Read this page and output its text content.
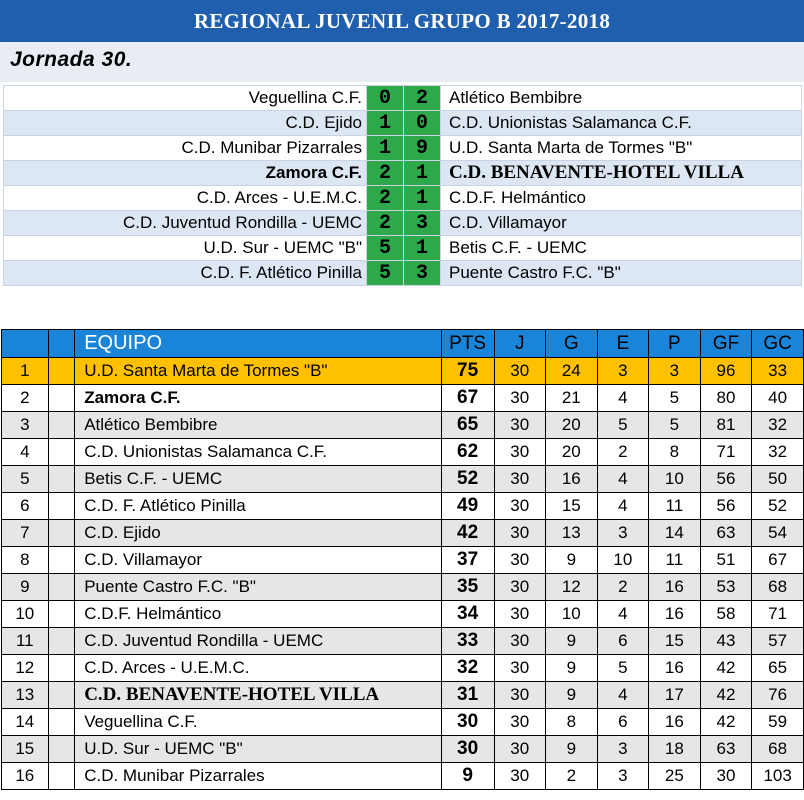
REGIONAL JUVENIL GRUPO B 2017-2018
Jornada 30.
Veguellina C.F.	0	2	Atlético Bembibre
C.D. Ejido	1	0	C.D. Unionistas Salamanca C.F.
C.D. Munibar Pizarrales	1	9	U.D. Santa Marta de Tormes "B"
Zamora C.F.	2	1	C.D. BENAVENTE-HOTEL VILLA
C.D. Arces - U.E.M.C.	2	1	C.D.F. Helmántico
C.D. Juventud Rondilla - UEMC	2	3	C.D. Villamayor
U.D. Sur - UEMC "B"	5	1	Betis C.F. - UEMC
C.D. F. Atlético Pinilla	5	3	Puente Castro F.C. "B"
		EQUIPO	PTS	J	G	E	P	GF	GC
1		U.D. Santa Marta de Tormes "B"	75	30	24	3	3	96	33
2		Zamora C.F.	67	30	21	4	5	80	40
3		Atlético Bembibre	65	30	20	5	5	81	32
4		C.D. Unionistas Salamanca C.F.	62	30	20	2	8	71	32
5		Betis C.F. - UEMC	52	30	16	4	10	56	50
6		C.D. F. Atlético Pinilla	49	30	15	4	11	56	52
7		C.D. Ejido	42	30	13	3	14	63	54
8		C.D. Villamayor	37	30	9	10	11	51	67
9		Puente Castro F.C. "B"	35	30	12	2	16	53	68
10		C.D.F. Helmántico	34	30	10	4	16	58	71
11		C.D. Juventud Rondilla - UEMC	33	30	9	6	15	43	57
12		C.D. Arces - U.E.M.C.	32	30	9	5	16	42	65
13		C.D. BENAVENTE-HOTEL VILLA	31	30	9	4	17	42	76
14		Veguellina C.F.	30	30	8	6	16	42	59
15		U.D. Sur - UEMC "B"	30	30	9	3	18	63	68
16		C.D. Munibar Pizarrales	9	30	2	3	25	30	103
